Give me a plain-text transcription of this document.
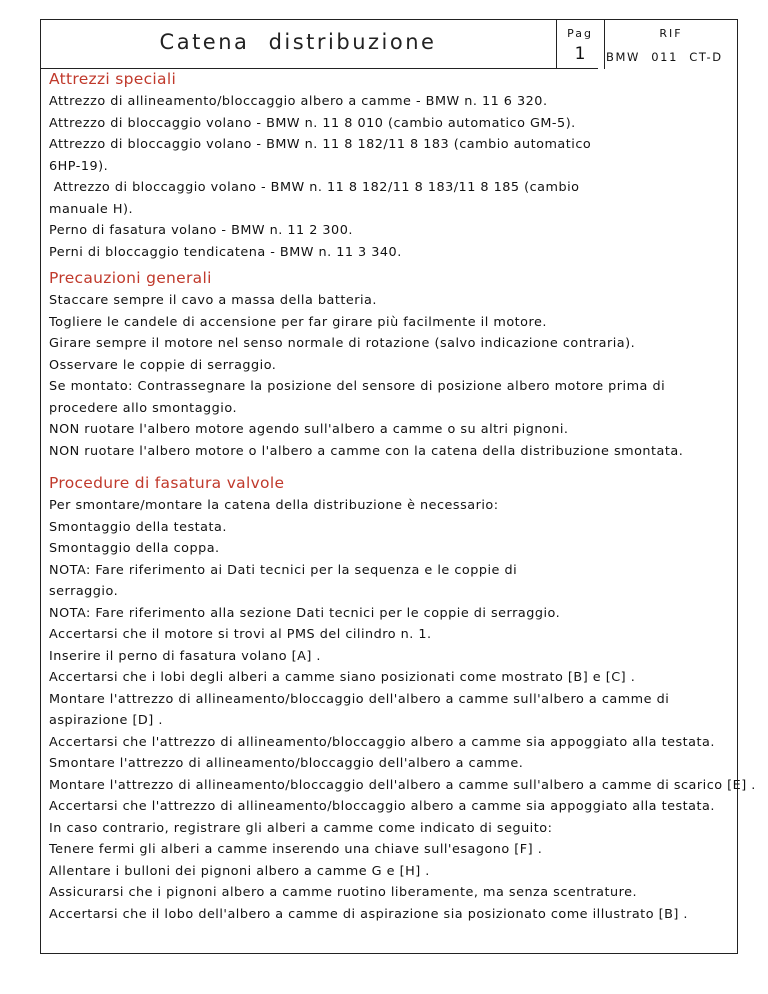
Catena distribuzione	Pag
1
RIF
BMW 011 CT-D
Attrezzi speciali

Attrezzo di allineamento/bloccaggio albero a camme - BMW n. 11 6 320.

Attrezzo di bloccaggio volano - BMW n. 11 8 010 (cambio automatico GM-5).

Attrezzo di bloccaggio volano - BMW n. 11 8 182/11 8 183 (cambio automatico

6HP-19).

Attrezzo di bloccaggio volano - BMW n. 11 8 182/11 8 183/11 8 185 (cambio

manuale H).

Perno di fasatura volano - BMW n. 11 2 300.

Perni di bloccaggio tendicatena - BMW n. 11 3 340.

Precauzioni generali

Staccare sempre il cavo a massa della batteria.

Togliere le candele di accensione per far girare più facilmente il motore.

Girare sempre il motore nel senso normale di rotazione (salvo indicazione contraria).

Osservare le coppie di serraggio.

Se montato: Contrassegnare la posizione del sensore di posizione albero motore prima di

procedere allo smontaggio.

NON ruotare l'albero motore agendo sull'albero a camme o su altri pignoni.

NON ruotare l'albero motore o l'albero a camme con la catena della distribuzione smontata.

Procedure di fasatura valvole

Per smontare/montare la catena della distribuzione è necessario:

Smontaggio della testata.

Smontaggio della coppa.

NOTA: Fare riferimento ai Dati tecnici per la sequenza e le coppie di

serraggio.

NOTA: Fare riferimento alla sezione Dati tecnici per le coppie di serraggio.

Accertarsi che il motore si trovi al PMS del cilindro n. 1.

Inserire il perno di fasatura volano [A] .

Accertarsi che i lobi degli alberi a camme siano posizionati come mostrato [B] e [C] .

Montare l'attrezzo di allineamento/bloccaggio dell'albero a camme sull'albero a camme di

aspirazione [D] .

Accertarsi che l'attrezzo di allineamento/bloccaggio albero a camme sia appoggiato alla testata.

Smontare l'attrezzo di allineamento/bloccaggio dell'albero a camme.

Montare l'attrezzo di allineamento/bloccaggio dell'albero a camme sull'albero a camme di scarico [E] .

Accertarsi che l'attrezzo di allineamento/bloccaggio albero a camme sia appoggiato alla testata.

In caso contrario, registrare gli alberi a camme come indicato di seguito:

Tenere fermi gli alberi a camme inserendo una chiave sull'esagono [F] .

Allentare i bulloni dei pignoni albero a camme G e [H] .

Assicurarsi che i pignoni albero a camme ruotino liberamente, ma senza scentrature.

Accertarsi che il lobo dell'albero a camme di aspirazione sia posizionato come illustrato [B] .
